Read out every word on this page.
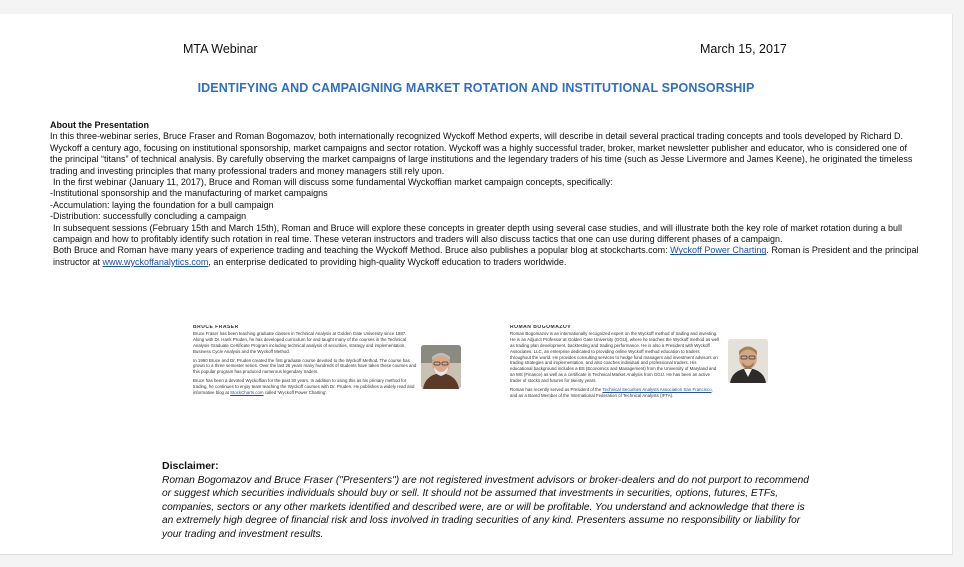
MTA Webinar	March 15, 2017
IDENTIFYING AND CAMPAIGNING MARKET ROTATION AND INSTITUTIONAL SPONSORSHIP

About the Presentation

In this three-webinar series, Bruce Fraser and Roman Bogomazov, both internationally recognized Wyckoff Method experts, will describe in detail several practical trading concepts and tools developed by Richard D. Wyckoff a century ago, focusing on institutional sponsorship, market campaigns and sector rotation. Wyckoff was a highly successful trader, broker, market newsletter publisher and educator, who is considered one of the principal “titans” of technical analysis. By carefully observing the market campaigns of large institutions and the legendary traders of his time (such as Jesse Livermore and James Keene), he originated the timeless trading and investing principles that many professional traders and money managers still rely upon.

In the first webinar (January 11, 2017), Bruce and Roman will discuss some fundamental Wyckoffian market campaign concepts, specifically:

-Institutional sponsorship and the manufacturing of market campaigns

-Accumulation: laying the foundation for a bull campaign

-Distribution: successfully concluding a campaign

In subsequent sessions (February 15th and March 15th), Roman and Bruce will explore these concepts in greater depth using several case studies, and will illustrate both the key role of market rotation during a bull campaign and how to profitably identify such rotation in real time. These veteran instructors and traders will also discuss tactics that one can use during different phases of a campaign.

Both Bruce and Roman have many years of experience trading and teaching the Wyckoff Method. Bruce also publishes a popular blog at stockcharts.com: Wyckoff Power Charting. Roman is President and the principal instructor at www.wyckoffanalytics.com, an enterprise dedicated to providing high-quality Wyckoff education to traders worldwide.

BRUCE FRASER

Bruce Fraser has been teaching graduate classes in Technical Analysis at Golden Gate University since 1987. Along with Dr. Hank Pruden, he has developed curriculum for and taught many of the courses in the Technical Analysis Graduate Certificate Program including technical analysis of securities, strategy and implementation, Business Cycle Analysis and the Wyckoff Method.

In 1990 Bruce and Dr. Pruden created the first graduate course devoted to the Wyckoff Method. The course has grown to a three semester series. Over the last 26 years many hundreds of students have taken these courses and this popular program has produced numerous legendary traders.

Bruce has been a devoted Wyckoffian for the past 30 years. In addition to using this as his primary method for trading, he continues to enjoy team teaching the Wyckoff courses with Dr. Pruden. He publishes a widely read and informative blog at StockCharts.com called 'Wyckoff Power Charting'.

ROMAN BOGOMAZOV

Roman Bogomazov is an internationally recognized expert on the Wyckoff method of trading and investing. He is an Adjunct Professor at Golden Gate University (GGU), where he teaches the Wyckoff method as well as trading plan development, backtesting and trading performance. He is also a President with Wyckoff Associates, LLC, an enterprise dedicated to providing online Wyckoff method education to traders throughout the world. He provides consulting services to hedge fund managers and investment advisors on trading strategies and implementation, and also coaches individual and professional traders. His educational background includes a BS (Economics and Management) from the University of Maryland and an MS (Finance) as well as a certificate in Technical Market Analysis from GGU. He has been an active trader of stocks and futures for twenty years.

Roman has recently served as President of the Technical Securities Analysts Association San Francisco, and as a Board Member of the International Federation of Technical Analysts (IFTA).

Disclaimer:
Roman Bogomazov and Bruce Fraser ("Presenters") are not registered investment advisors or broker-dealers and do not purport to recommend or suggest which securities individuals should buy or sell. It should not be assumed that investments in securities, options, futures, ETFs, companies, sectors or any other markets identified and described were, are or will be profitable. You understand and acknowledge that there is an extremely high degree of financial risk and loss involved in trading securities of any kind. Presenters assume no responsibility or liability for your trading and investment results.
